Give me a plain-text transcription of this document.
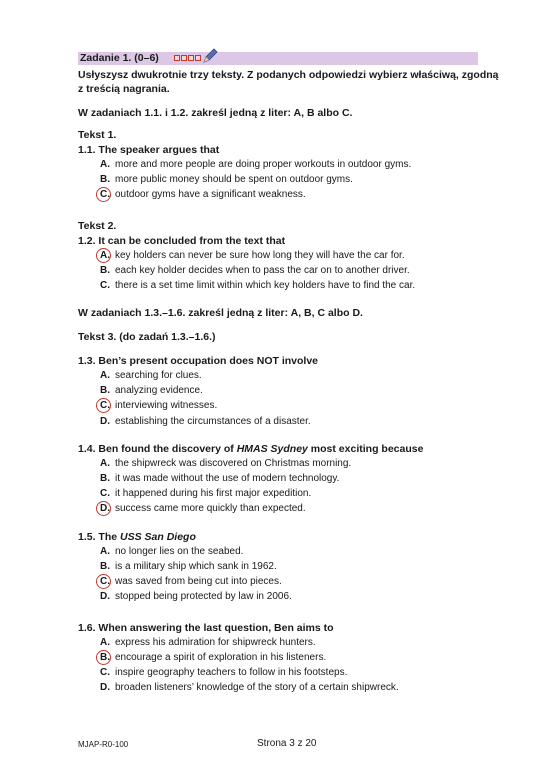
Zadanie 1. (0–6)
Usłyszysz dwukrotnie trzy teksty. Z podanych odpowiedzi wybierz właściwą, zgodną
z treścią nagrania.
W zadaniach 1.1. i 1.2. zakreśl jedną z liter: A, B albo C.
Tekst 1.
1.1. The speaker argues that
A. more and more people are doing proper workouts in outdoor gyms.
B. more public money should be spent on outdoor gyms.
C. outdoor gyms have a significant weakness.
Tekst 2.
1.2. It can be concluded from the text that
A. key holders can never be sure how long they will have the car for.
B. each key holder decides when to pass the car on to another driver.
C. there is a set time limit within which key holders have to find the car.
W zadaniach 1.3.–1.6. zakreśl jedną z liter: A, B, C albo D.
Tekst 3. (do zadań 1.3.–1.6.)
1.3. Ben’s present occupation does NOT involve
A. searching for clues.
B. analyzing evidence.
C. interviewing witnesses.
D. establishing the circumstances of a disaster.
1.4. Ben found the discovery of HMAS Sydney most exciting because
A. the shipwreck was discovered on Christmas morning.
B. it was made without the use of modern technology.
C. it happened during his first major expedition.
D. success came more quickly than expected.
1.5. The USS San Diego
A. no longer lies on the seabed.
B. is a military ship which sank in 1962.
C. was saved from being cut into pieces.
D. stopped being protected by law in 2006.
1.6. When answering the last question, Ben aims to
A. express his admiration for shipwreck hunters.
B. encourage a spirit of exploration in his listeners.
C. inspire geography teachers to follow in his footsteps.
D. broaden listeners’ knowledge of the story of a certain shipwreck.
MJAP-R0-100	Strona 3 z 20
